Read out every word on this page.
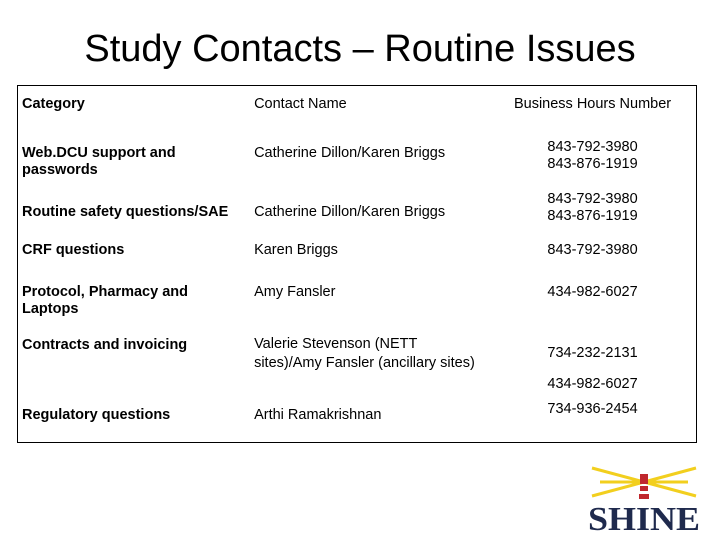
Study Contacts – Routine Issues
Category	Contact Name	Business Hours Number

Web.DCU support and passwords	Catherine Dillon/Karen Briggs	843-792-3980
843-876-1919

Routine safety questions/SAE	Catherine Dillon/Karen Briggs	843-792-3980
843-876-1919

CRF questions	Karen Briggs	843-792-3980

Protocol, Pharmacy and Laptops	Amy Fansler	434-982-6027
Contracts and invoicing	Valerie Stevenson (NETT sites)/Amy Fansler (ancillary sites)	734-232-2131
434-982-6027

Regulatory questions	Arthi Ramakrishnan	734-936-2454
SHINE
